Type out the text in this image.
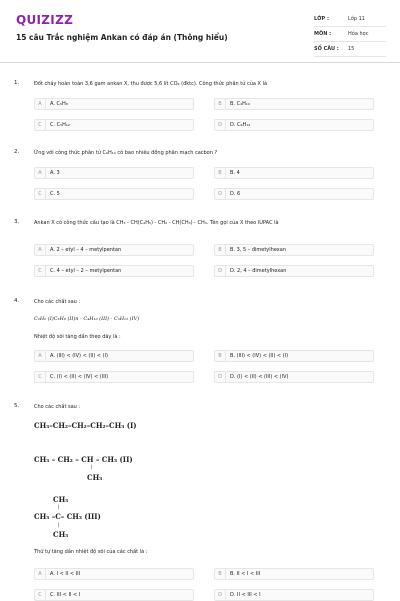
QUIZIZZ
15 câu Trắc nghiệm Ankan có đáp án (Thông hiểu)
LỚP :	Lớp 11
MÔN :	Hóa học
SỐ CÂU :	15
1.	Đốt cháy hoàn toàn 3,6 gam ankan X, thu được 5,6 lít CO₂ (đktc). Công thức phân tử của X là
A	A. C₅H₈	B	B. C₄H₁₀
C	C. C₅H₁₂	D	D. C₆H₁₂
2.	Ứng với công thức phân tử C₆H₁₄ có bao nhiêu đồng phân mạch cacbon ?
A	A. 3	B	B. 4
C	C. 5	D	D. 6
3.	Ankan X có công thức cấu tạo là CH₃ - CH(C₂H₅) - CH₂ - CH(CH₃) - CH₃. Tên gọi của X theo IUPAC là
A	A. 2 – etyl – 4 – metylpentan	B	B. 3, 5 – đimetylhexan
C	C. 4 – etyl – 2 – metylpentan	D	D. 2, 4 – đimetylhexan
4.	Cho các chất sau :
C₂H₆ (I)C₃H₈ (II)n - C₄H₁₀ (III) - C₅H₁₂ (IV)
Nhiệt độ sôi tăng dần theo dãy là :
A	A. (III) < (IV) < (II) < (I)	B	B. (III) < (IV) < (II) < (I)
C	C. (I) < (II) < (IV) < (III)	D	D. (I) < (II) < (III) < (IV)
5.	Cho các chất sau :
CH₃–CH₂–CH₂–CH₂–CH₃ (I)
CH₃ – CH₂ – CH – CH₃ (II)
|
CH₃
CH₃
|
CH₃ –C– CH₃ (III)
|
CH₃
Thứ tự tăng dần nhiệt độ sôi của các chất là :
A	A. I < II < III	B	B. II < I < III
C	C. III < II < I	D	D. II < III < I
